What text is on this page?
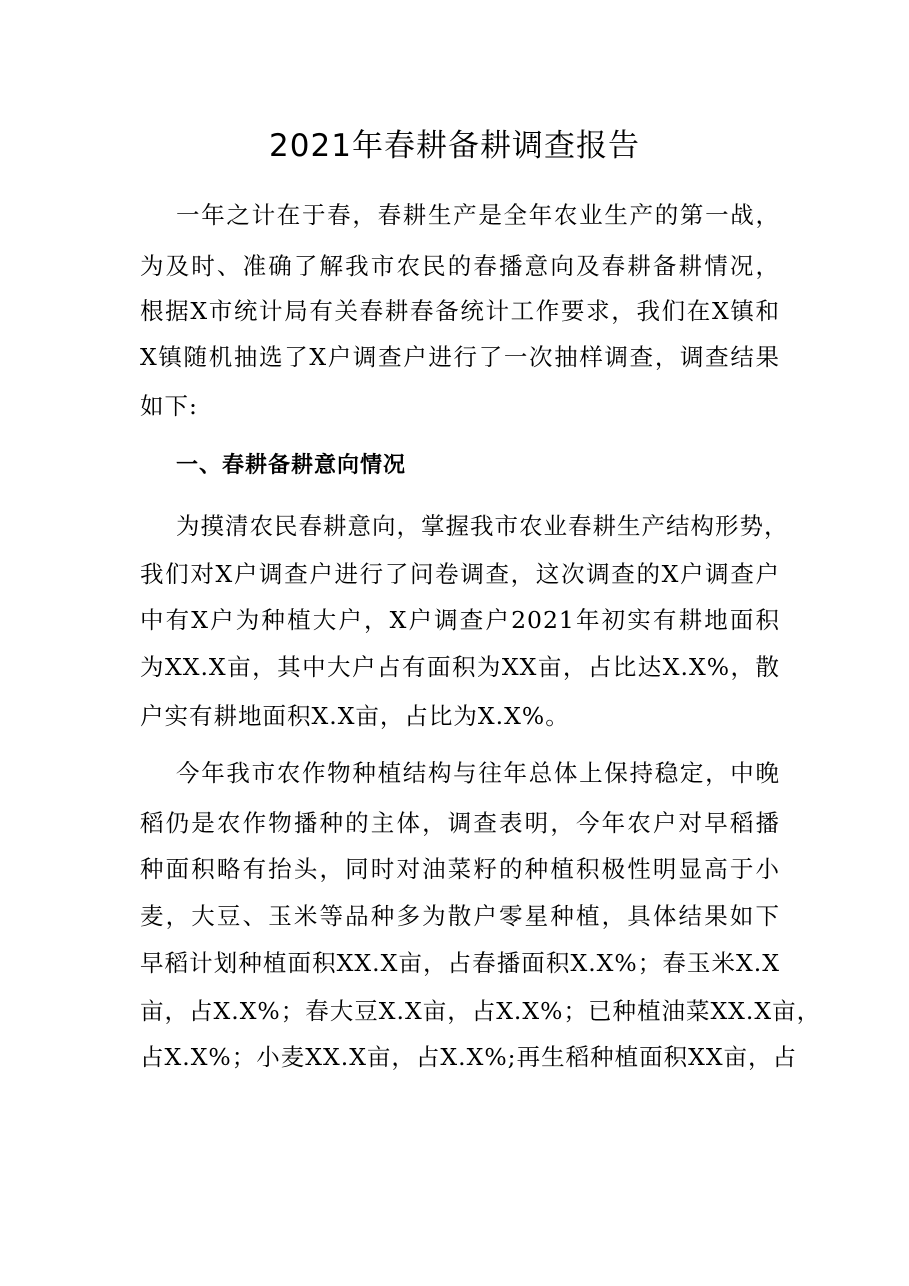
2021年春耕备耕调查报告
一年之计在于春，春耕生产是全年农业生产的第一战，
为及时、准确了解我市农民的春播意向及春耕备耕情况，
根据X市统计局有关春耕春备统计工作要求，我们在X镇和
X镇随机抽选了X户调查户进行了一次抽样调查，调查结果
如下:
一、春耕备耕意向情况
为摸清农民春耕意向，掌握我市农业春耕生产结构形势，
我们对X户调查户进行了问卷调查，这次调查的X户调查户
中有X户为种植大户，X户调查户2021年初实有耕地面积
为XX.X亩，其中大户占有面积为XX亩，占比达X.X%，散
户实有耕地面积X.X亩，占比为X.X%。
今年我市农作物种植结构与往年总体上保持稳定，中晚
稻仍是农作物播种的主体，调查表明，今年农户对早稻播
种面积略有抬头，同时对油菜籽的种植积极性明显高于小
麦，大豆、玉米等品种多为散户零星种植，具体结果如下
早稻计划种植面积XX.X亩，占春播面积X.X%；春玉米X.X
亩，占X.X%；春大豆X.X亩，占X.X%；已种植油菜XX.X亩，
占X.X%；小麦XX.X亩，占X.X%;再生稻种植面积XX亩，占
